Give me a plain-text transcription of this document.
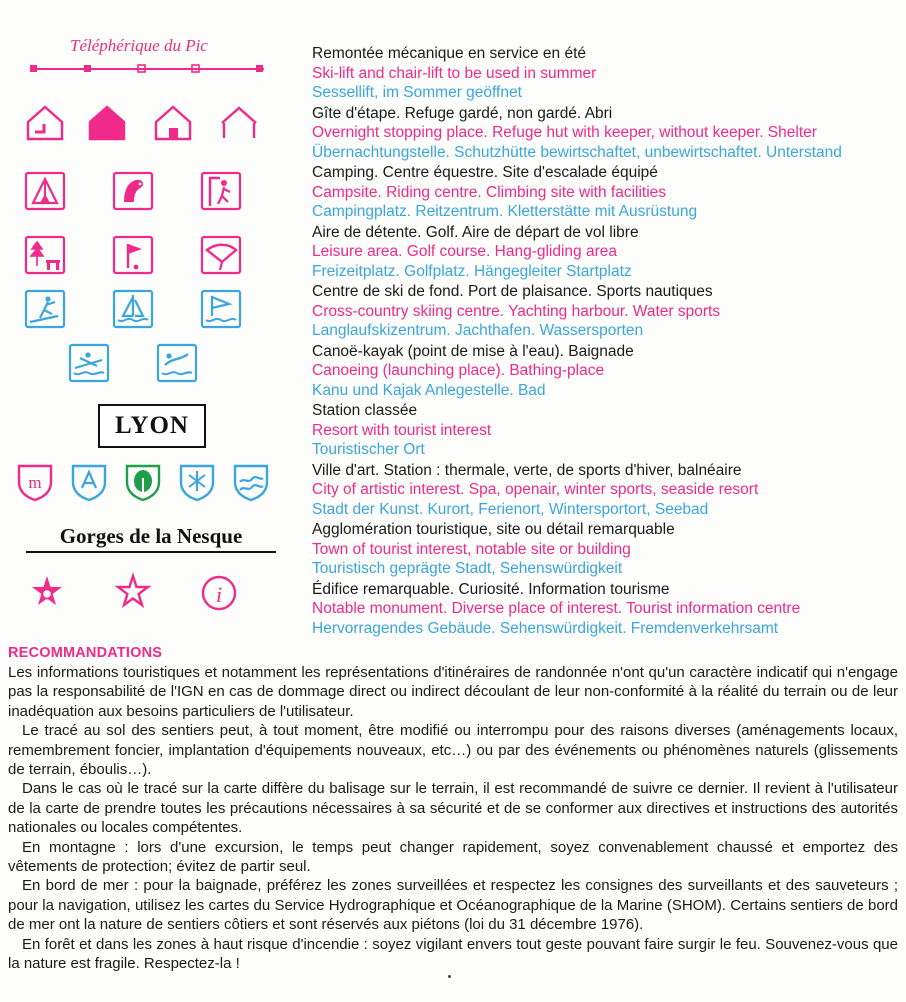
Téléphérique du Pic
LYON
m
Gorges de la Nesque
i
Remontée mécanique en service en été
Ski-lift and chair-lift to be used in summer
Sessellift, im Sommer geöffnet
Gîte d'étape. Refuge gardé, non gardé. Abri
Overnight stopping place. Refuge hut with keeper, without keeper. Shelter
Übernachtungstelle. Schutzhütte bewirtschaftet, unbewirtschaftet. Unterstand
Camping. Centre équestre. Site d'escalade équipé
Campsite. Riding centre. Climbing site with facilities
Campingplatz. Reitzentrum. Kletterstätte mit Ausrüstung
Aire de détente. Golf. Aire de départ de vol libre
Leisure area. Golf course. Hang-gliding area
Freizeitplatz. Golfplatz. Hängegleiter Startplatz
Centre de ski de fond. Port de plaisance. Sports nautiques
Cross-country skiing centre. Yachting harbour. Water sports
Langlaufskizentrum. Jachthafen. Wassersporten
Canoë-kayak (point de mise à l'eau). Baignade
Canoeing (launching place). Bathing-place
Kanu und Kajak Anlegestelle. Bad
Station classée
Resort with tourist interest
Touristischer Ort
Ville d'art. Station : thermale, verte, de sports d'hiver, balnéaire
City of artistic interest. Spa, openair, winter sports, seaside resort
Stadt der Kunst. Kurort, Ferienort, Wintersportort, Seebad
Agglomération touristique, site ou détail remarquable
Town of tourist interest, notable site or building
Touristisch geprägte Stadt, Sehenswürdigkeit
Édifice remarquable. Curiosité. Information tourisme
Notable monument. Diverse place of interest. Tourist information centre
Hervorragendes Gebäude. Sehenswürdigkeit. Fremdenverkehrsamt
RECOMMANDATIONS

Les informations touristiques et notamment les représentations d'itinéraires de randonnée n'ont qu'un caractère indicatif qui n'engage pas la responsabilité de l'IGN en cas de dommage direct ou indirect découlant de leur non-conformité à la réalité du terrain ou de leur inadéquation aux besoins particuliers de l'utilisateur.

Le tracé au sol des sentiers peut, à tout moment, être modifié ou interrompu pour des raisons diverses (aménagements locaux, remembrement foncier, implantation d'équipements nouveaux, etc…) ou par des événements ou phénomènes naturels (glissements de terrain, éboulis…).

Dans le cas où le tracé sur la carte diffère du balisage sur le terrain, il est recommandé de suivre ce dernier. Il revient à l'utilisateur de la carte de prendre toutes les précautions nécessaires à sa sécurité et de se conformer aux directives et instructions des autorités nationales ou locales compétentes.

En montagne : lors d'une excursion, le temps peut changer rapidement, soyez convenablement chaussé et emportez des vêtements de protection; évitez de partir seul.

En bord de mer : pour la baignade, préférez les zones surveillées et respectez les consignes des surveillants et des sauveteurs ; pour la navigation, utilisez les cartes du Service Hydrographique et Océanographique de la Marine (SHOM). Certains sentiers de bord de mer ont la nature de sentiers côtiers et sont réservés aux piétons (loi du 31 décembre 1976).

En forêt et dans les zones à haut risque d'incendie : soyez vigilant envers tout geste pouvant faire surgir le feu. Souvenez-vous que la nature est fragile. Respectez-la !
